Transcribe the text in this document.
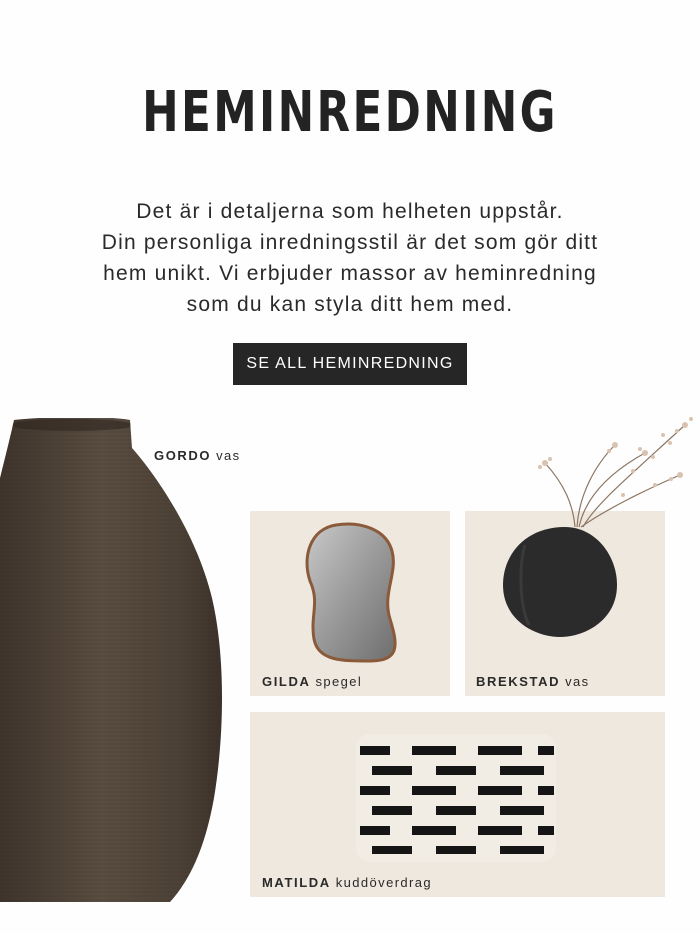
HEMINREDNING
Det är i detaljerna som helheten uppstår.
Din personliga inredningsstil är det som gör ditt
hem unikt. Vi erbjuder massor av heminredning
som du kan styla ditt hem med.
SE ALL HEMINREDNING
GORDO vas
GILDA spegel	BREKSTAD vas
MATILDA kuddöverdrag
